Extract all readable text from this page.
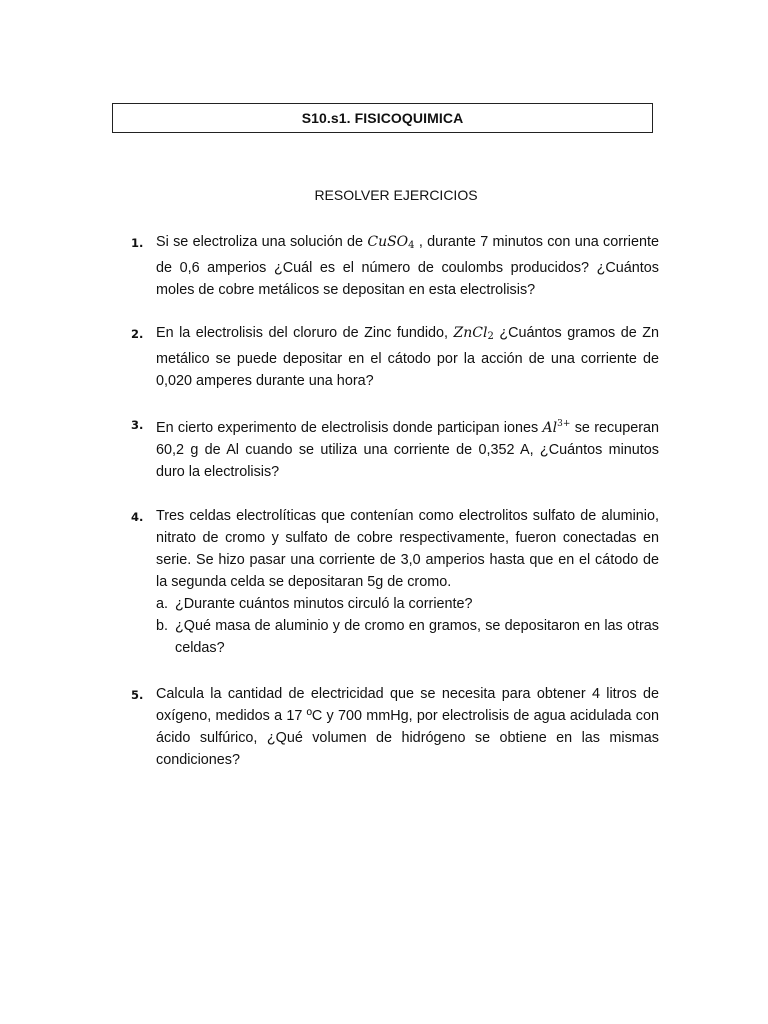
S10.s1. FISICOQUIMICA
RESOLVER EJERCICIOS
1. Si se electroliza una solución de CuSO$_4$ , durante 7 minutos con una corriente de 0,6 amperios ¿Cuál es el número de coulombs producidos? ¿Cuántos moles de cobre metálicos se depositan en esta electrolisis?
2. En la electrolisis del cloruro de Zinc fundido, ZnCl$_2$ ¿Cuántos gramos de Zn metálico se puede depositar en el cátodo por la acción de una corriente de 0,020 amperes durante una hora?
3. En cierto experimento de electrolisis donde participan iones $Al^{3+}$ se recuperan 60,2 g de Al cuando se utiliza una corriente de 0,352 A, ¿Cuántos minutos duro la electrolisis?
4. Tres celdas electrolíticas que contenían como electrolitos sulfato de aluminio, nitrato de cromo y sulfato de cobre respectivamente, fueron conectadas en serie. Se hizo pasar una corriente de 3,0 amperios hasta que en el cátodo de la segunda celda se depositaran 5g de cromo.
a. ¿Durante cuántos minutos circuló la corriente?
b. ¿Qué masa de aluminio y de cromo en gramos, se depositaron en las otras celdas?
5. Calcula la cantidad de electricidad que se necesita para obtener 4 litros de oxígeno, medidos a 17 ºC y 700 mmHg, por electrolisis de agua acidulada con ácido sulfúrico, ¿Qué volumen de hidrógeno se obtiene en las mismas condiciones?
